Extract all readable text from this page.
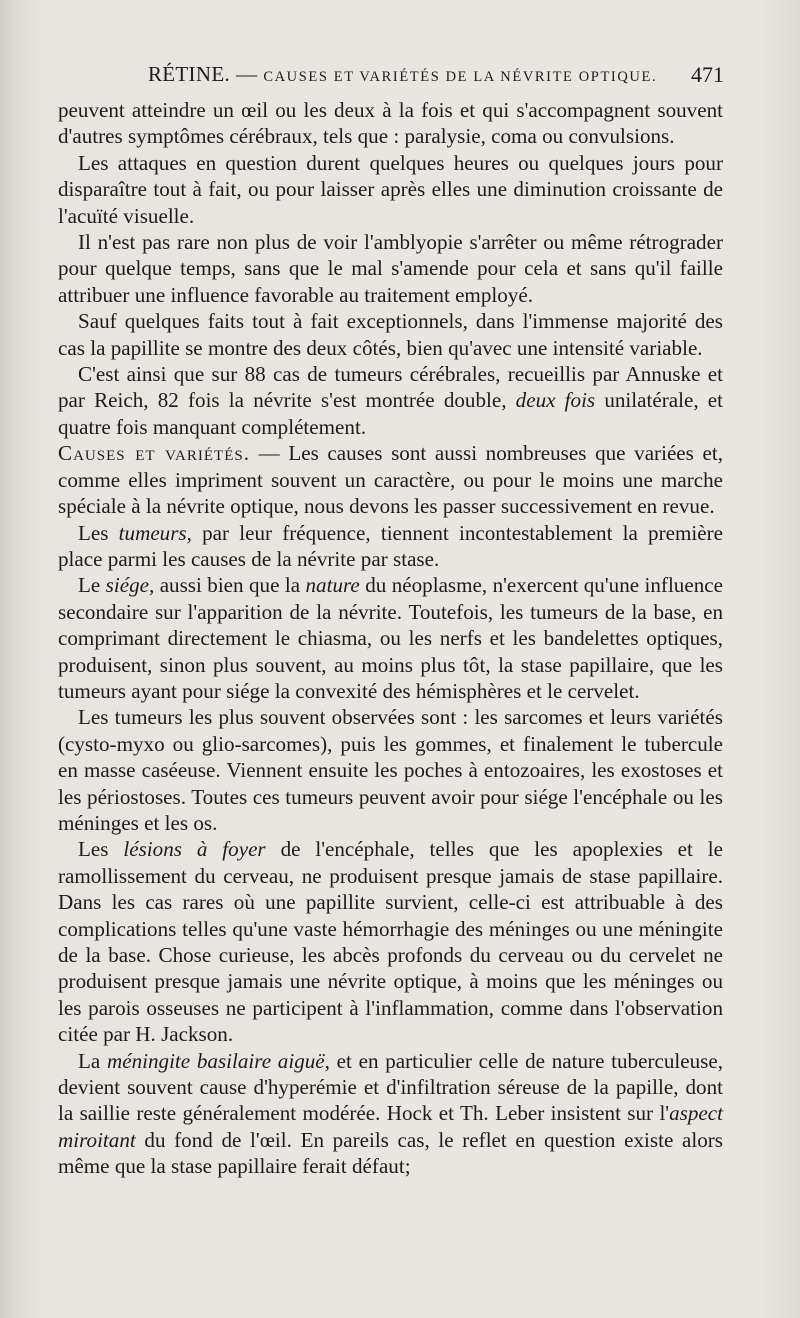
RÉTINE. — CAUSES ET VARIÉTÉS DE LA NÉVRITE OPTIQUE. 471

peuvent atteindre un œil ou les deux à la fois et qui s'accompagnent souvent d'autres symptômes cérébraux, tels que : paralysie, coma ou convulsions.

Les attaques en question durent quelques heures ou quelques jours pour disparaître tout à fait, ou pour laisser après elles une diminution croissante de l'acuïté visuelle.

Il n'est pas rare non plus de voir l'amblyopie s'arrêter ou même rétrograder pour quelque temps, sans que le mal s'amende pour cela et sans qu'il faille attribuer une influence favorable au traitement employé.

Sauf quelques faits tout à fait exceptionnels, dans l'immense majorité des cas la papillite se montre des deux côtés, bien qu'avec une intensité variable.

C'est ainsi que sur 88 cas de tumeurs cérébrales, recueillis par Annuske et par Reich, 82 fois la névrite s'est montrée double, deux fois unilatérale, et quatre fois manquant complétement.

Causes et variétés. — Les causes sont aussi nombreuses que variées et, comme elles impriment souvent un caractère, ou pour le moins une marche spéciale à la névrite optique, nous devons les passer successivement en revue.

Les tumeurs, par leur fréquence, tiennent incontestablement la première place parmi les causes de la névrite par stase.

Le siége, aussi bien que la nature du néoplasme, n'exercent qu'une influence secondaire sur l'apparition de la névrite. Toutefois, les tumeurs de la base, en comprimant directement le chiasma, ou les nerfs et les bandelettes optiques, produisent, sinon plus souvent, au moins plus tôt, la stase papillaire, que les tumeurs ayant pour siége la convexité des hémisphères et le cervelet.

Les tumeurs les plus souvent observées sont : les sarcomes et leurs variétés (cysto-myxo ou glio-sarcomes), puis les gommes, et finalement le tubercule en masse caséeuse. Viennent ensuite les poches à entozoaires, les exostoses et les périostoses. Toutes ces tumeurs peuvent avoir pour siége l'encéphale ou les méninges et les os.

Les lésions à foyer de l'encéphale, telles que les apoplexies et le ramollissement du cerveau, ne produisent presque jamais de stase papillaire. Dans les cas rares où une papillite survient, celle-ci est attribuable à des complications telles qu'une vaste hémorrhagie des méninges ou une méningite de la base. Chose curieuse, les abcès profonds du cerveau ou du cervelet ne produisent presque jamais une névrite optique, à moins que les méninges ou les parois osseuses ne participent à l'inflammation, comme dans l'observation citée par H. Jackson.

La méningite basilaire aiguë, et en particulier celle de nature tuberculeuse, devient souvent cause d'hyperémie et d'infiltration séreuse de la papille, dont la saillie reste généralement modérée. Hock et Th. Leber insistent sur l'aspect miroitant du fond de l'œil. En pareils cas, le reflet en question existe alors même que la stase papillaire ferait défaut;
